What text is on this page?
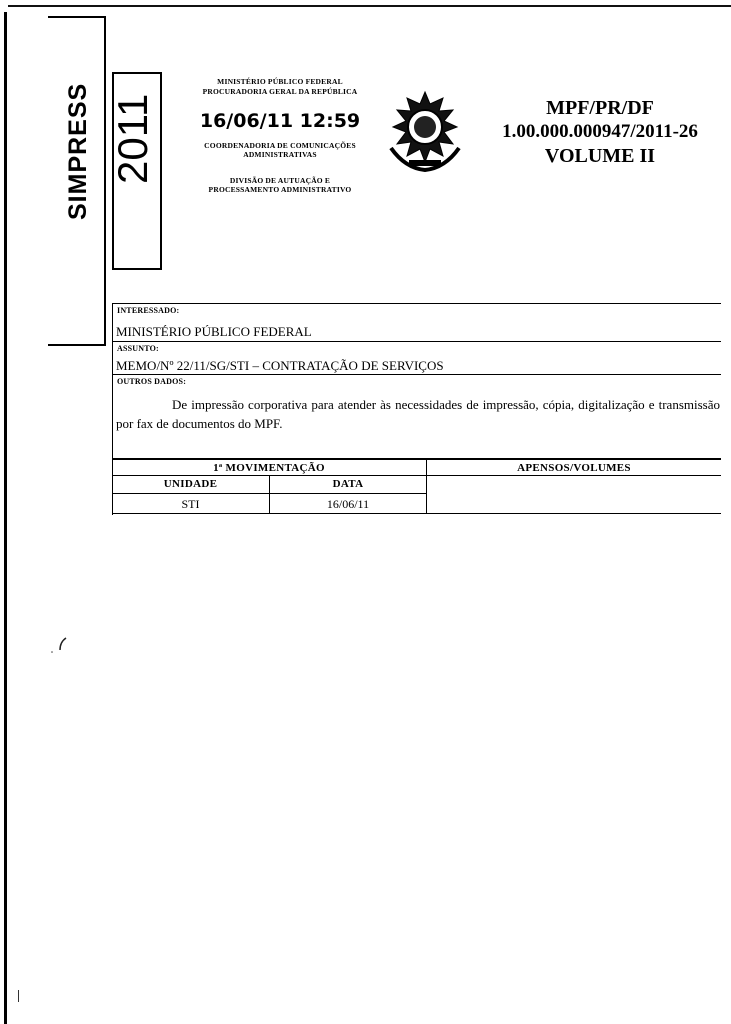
SIMPRESS 2011
MINISTÉRIO PÚBLICO FEDERAL
PROCURADORIA GERAL DA REPÚBLICA
16/06/11 12:59
COORDENADORIA DE COMUNICAÇÕES
ADMINISTRATIVAS
DIVISÃO DE AUTUAÇÃO E
PROCESSAMENTO ADMINISTRATIVO
MPF/PR/DF
1.00.000.000947/2011-26
VOLUME II
INTERESSADO:
MINISTÉRIO PÚBLICO FEDERAL
ASSUNTO:
MEMO/Nº 22/11/SG/STI – CONTRATAÇÃO DE SERVIÇOS
OUTROS DADOS:
De impressão corporativa para atender às necessidades de impressão, cópia, digitalização e transmissão por fax de documentos do MPF.
1ª MOVIMENTAÇÃO	APENSOS/VOLUMES
UNIDADE	DATA
STI	16/06/11
